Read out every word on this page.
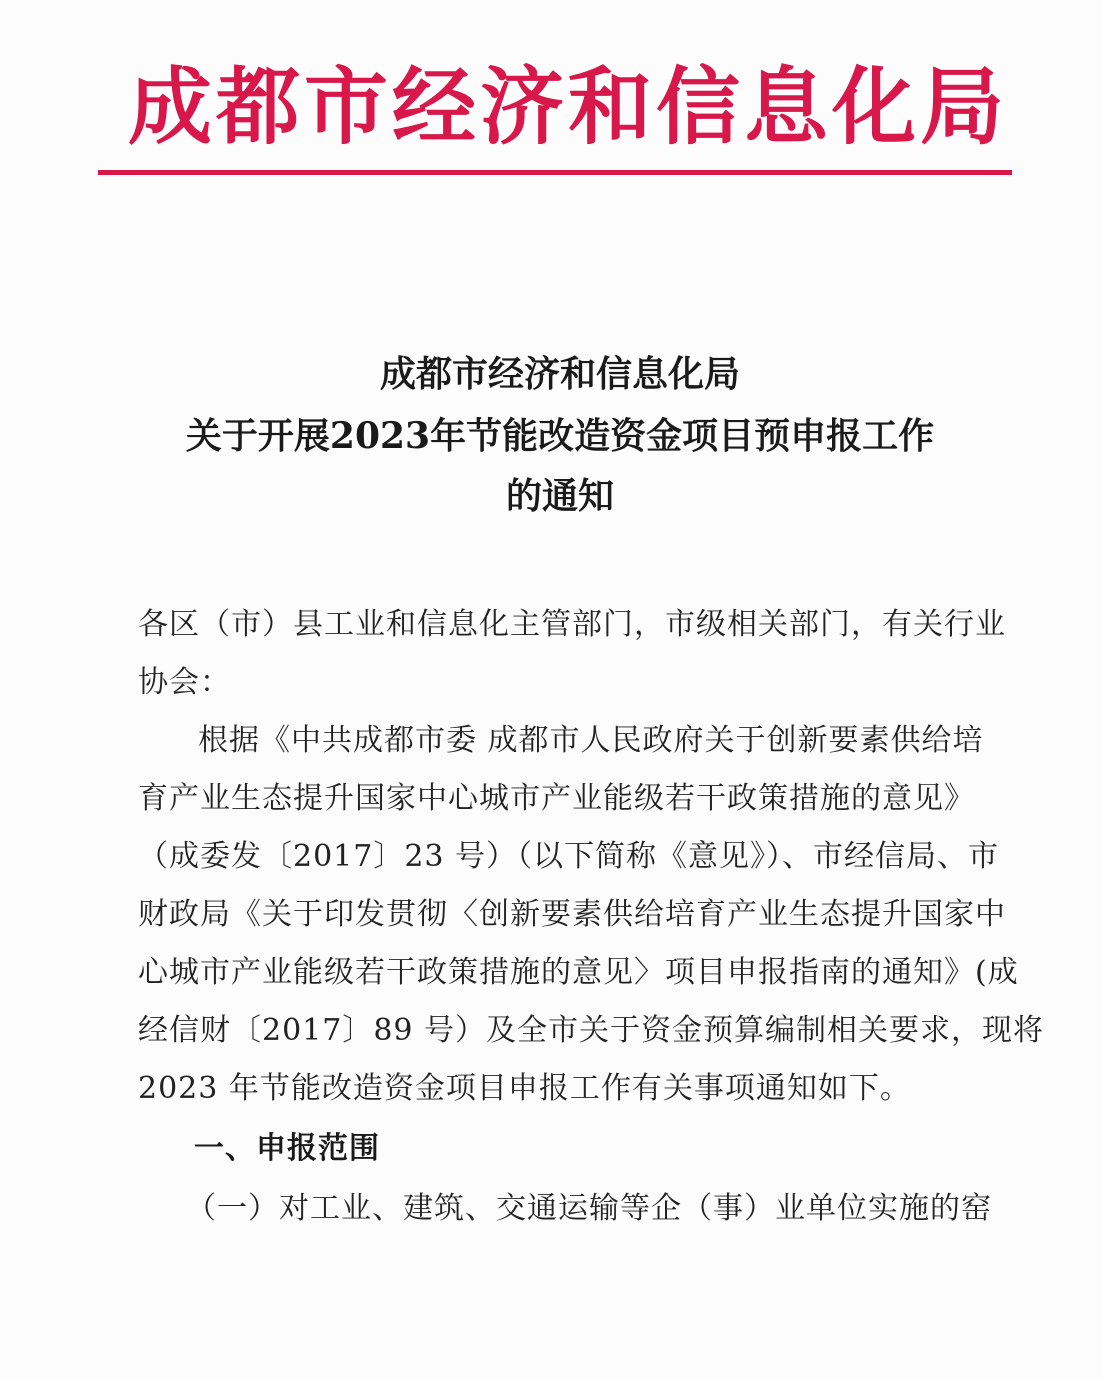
成都市经济和信息化局
成都市经济和信息化局
关于开展2023年节能改造资金项目预申报工作
的通知
各区（市）县工业和信息化主管部门，市级相关部门，有关行业
协会：
根据《中共成都市委 成都市人民政府关于创新要素供给培
育产业生态提升国家中心城市产业能级若干政策措施的意见》
（成委发〔2017〕23 号）（以下简称《意见》）、市经信局、市
财政局《关于印发贯彻〈创新要素供给培育产业生态提升国家中
心城市产业能级若干政策措施的意见〉项目申报指南的通知》(成
经信财〔2017〕89 号）及全市关于资金预算编制相关要求，现将
2023 年节能改造资金项目申报工作有关事项通知如下。
一、申报范围
（一）对工业、建筑、交通运输等企（事）业单位实施的窑
